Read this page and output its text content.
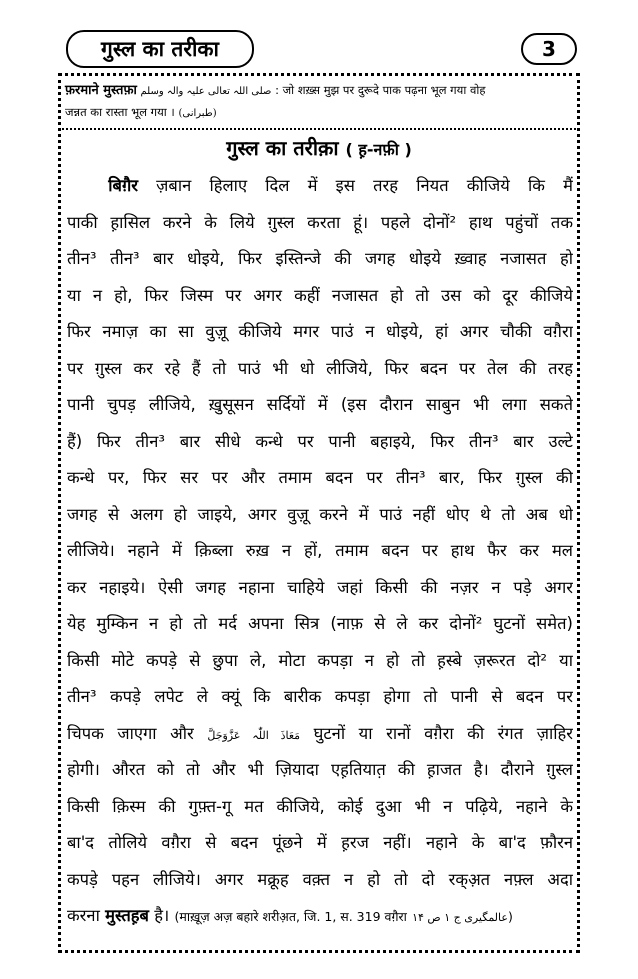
गुस्ल का तरीका	3
फ़रमाने मुस्तफ़ा صلی اللہ تعالی علیہ والہ وسلم : जो शख़्स मुझ पर दुरूदे पाक पढ़ना भूल गया वोह
जन्नत का रास्ता भूल गया । (طبرانی)
गुस्ल का तरीक़ा ( ह़-नफ़ी )
   बिग़ैर ज़बान हिलाए दिल में इस तरह नियत कीजिये कि मैं
पाकी ह़ासिल करने के लिये ग़ुस्ल करता हूं। पहले दोनों² हाथ पहुंचों तक
तीन³ तीन³ बार धोइये, फिर इस्तिन्जे की जगह धोइये ख़्वाह नजासत हो
या न हो, फिर जिस्म पर अगर कहीं नजासत हो तो उस को दूर कीजिये
फिर नमाज़ का सा वुज़ू कीजिये मगर पाउं न धोइये, हां अगर चौकी वग़ैरा
पर ग़ुस्ल कर रहे हैं तो पाउं भी धो लीजिये, फिर बदन पर तेल की तरह
पानी चुपड़ लीजिये, ख़ुसूसन सर्दियों में (इस दौरान साबुन भी लगा सकते
हैं) फिर तीन³ बार सीधे कन्धे पर पानी बहाइये, फिर तीन³ बार उल्टे
कन्धे पर, फिर सर पर और तमाम बदन पर तीन³ बार, फिर ग़ुस्ल की
जगह से अलग हो जाइये, अगर वुज़ू करने में पाउं नहीं धोए थे तो अब धो
लीजिये। नहाने में क़िब्ला रुख़ न हों, तमाम बदन पर हाथ फैर कर मल
कर नहाइये। ऐसी जगह नहाना चाहिये जहां किसी की नज़र न पड़े अगर
येह मुम्किन न हो तो मर्द अपना सित्र (नाफ़ से ले कर दोनों² घुटनों समेत)
किसी मोटे कपड़े से छुपा ले, मोटा कपड़ा न हो तो ह़स्बे ज़रूरत दो² या
तीन³ कपड़े लपेट ले क्यूं कि बारीक कपड़ा होगा तो पानी से बदन पर
चिपक जाएगा और مَعَاذَ اللّٰہ عَزَّوَجَلَّ घुटनों या रानों वग़ैरा की रंगत ज़ाहिर
होगी। औरत को तो और भी ज़ियादा एह़तियात़ की ह़ाजत है। दौराने ग़ुस्ल
किसी क़िस्म की गुफ़्त-गू मत कीजिये, कोई दुआ भी न पढ़िये, नहाने के
बा'द तोलिये वग़ैरा से बदन पूंछने में ह़रज नहीं। नहाने के बा'द फ़ौरन
कपड़े पहन लीजिये। अगर मक्रूह वक़्त न हो तो दो रक्अ़त नफ़्ल अदा
करना मुस्तह़ब है। (माख़ूज़ अज़ बहारे शरीअ़त, जि. 1, स. 319 वग़ैरा عالمگیری ج ۱ ص ۱۴)
